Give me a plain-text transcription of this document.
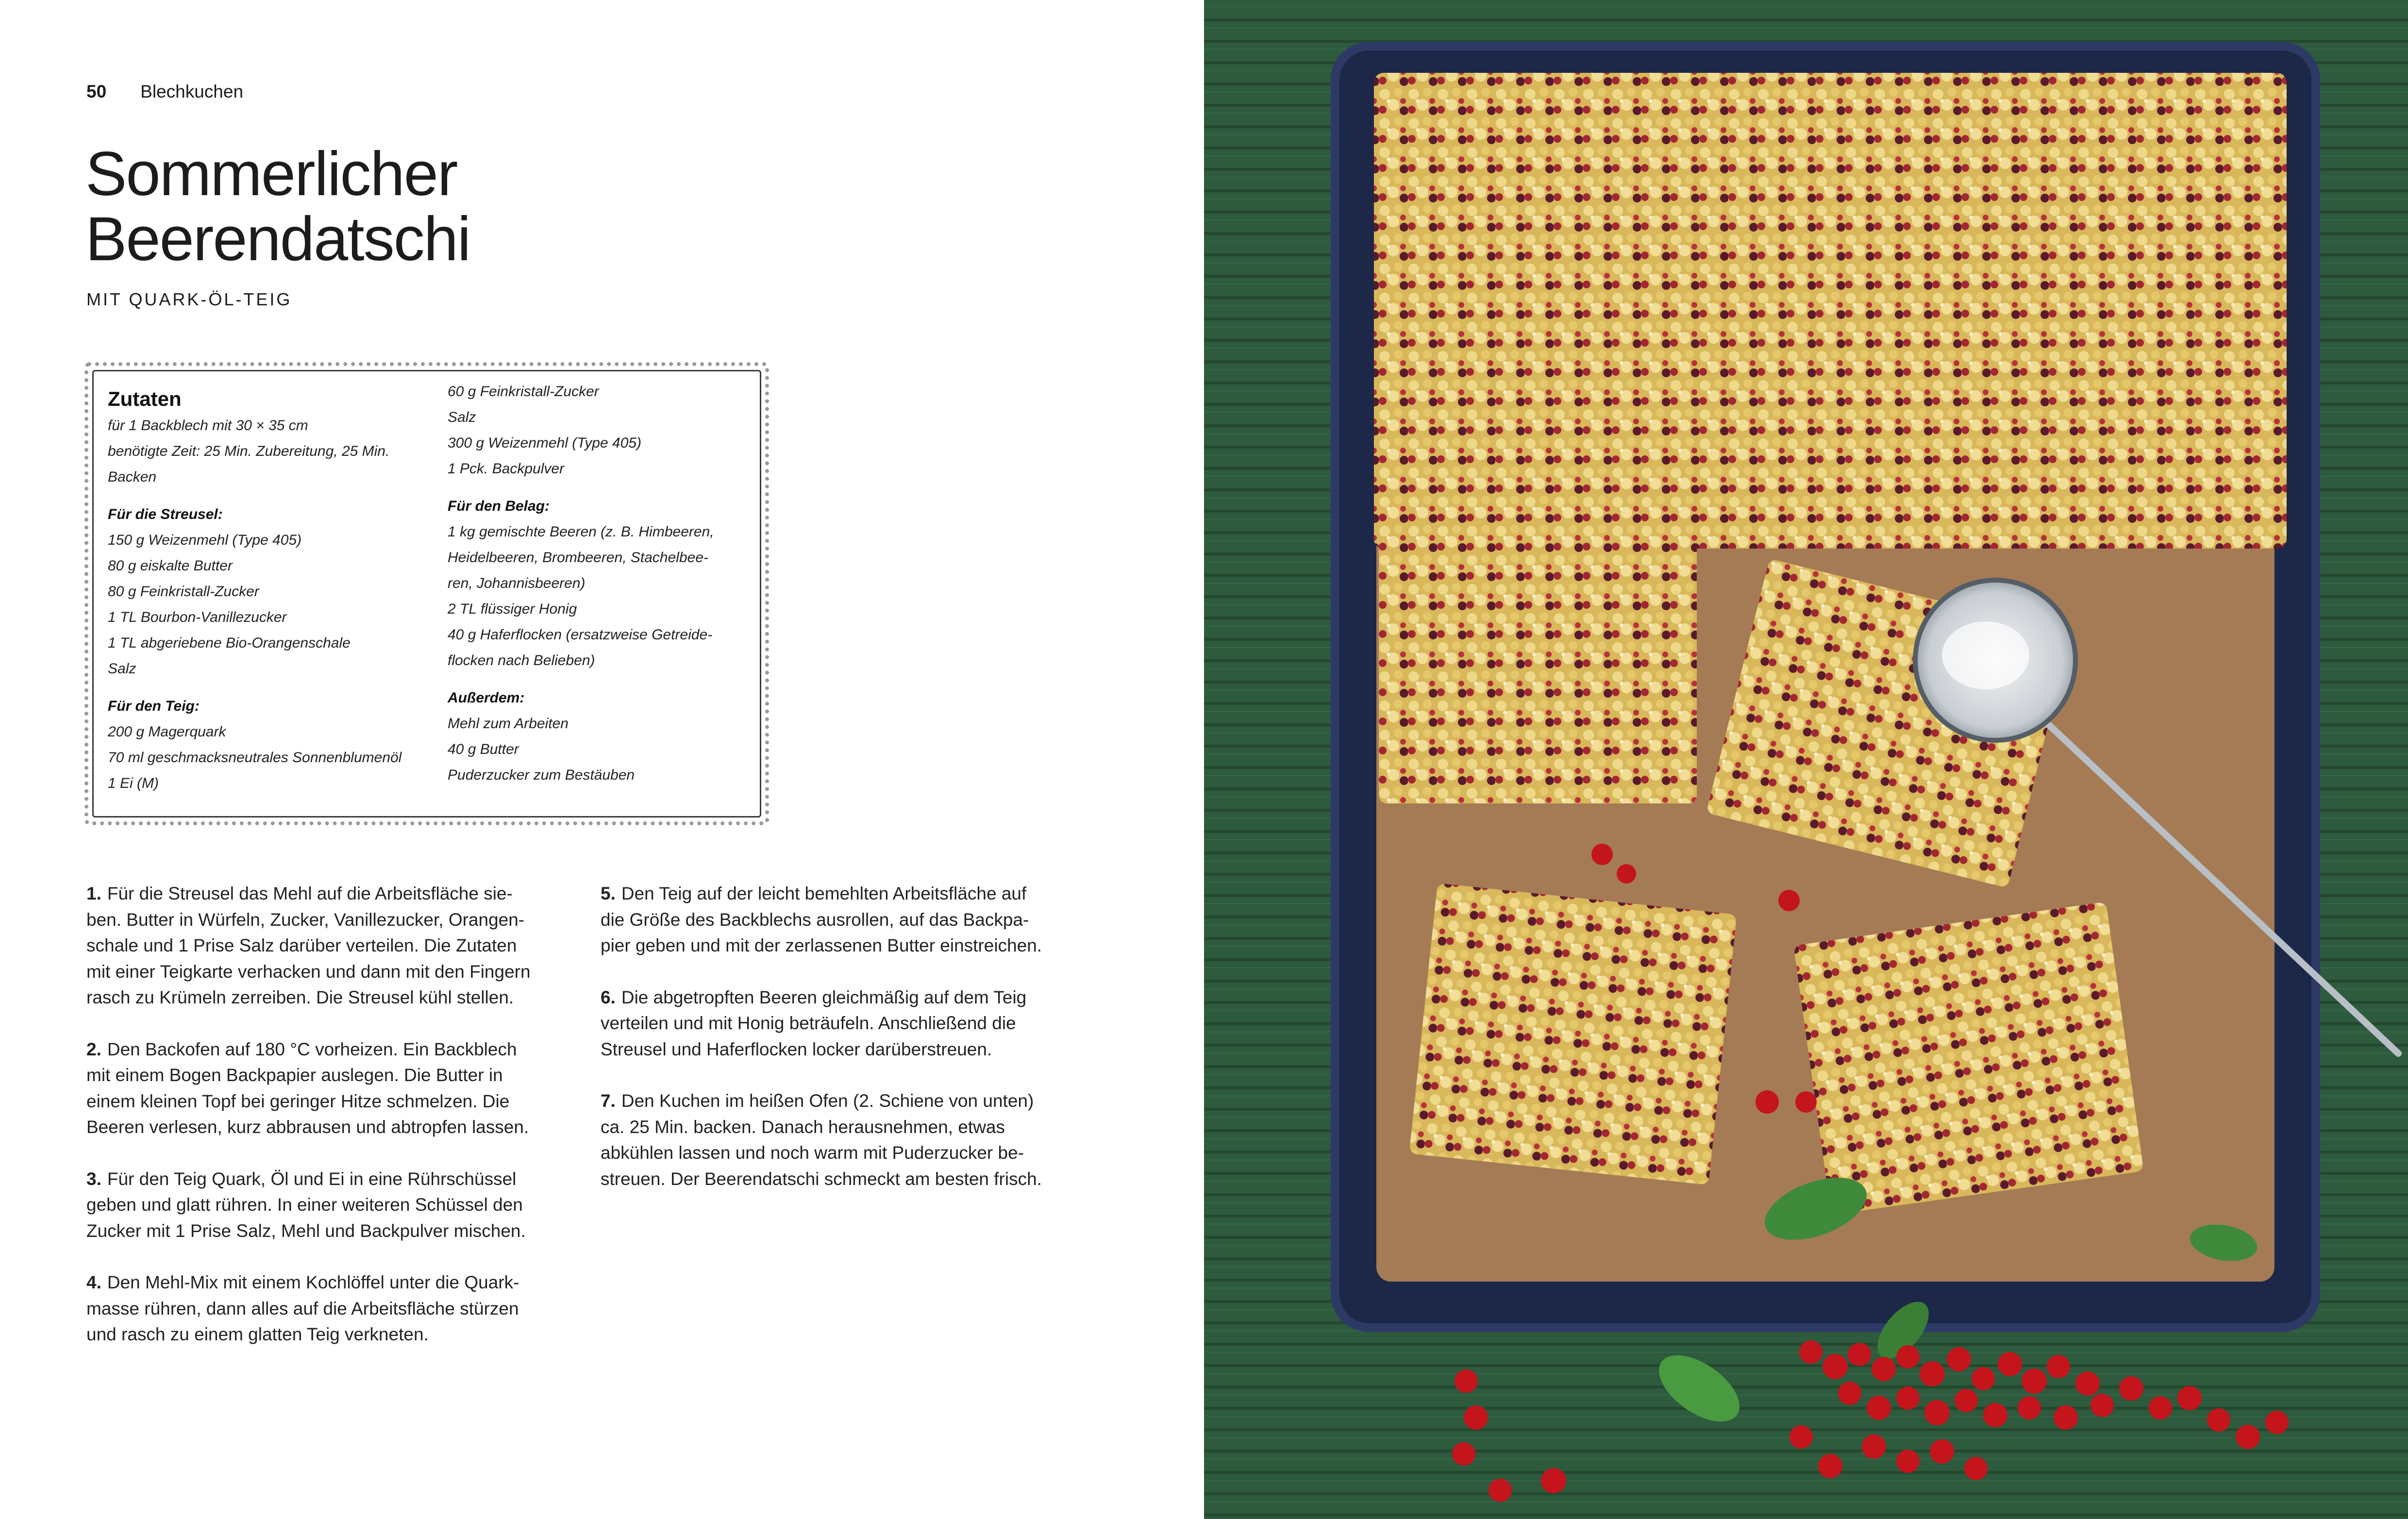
50 Blechkuchen
Sommerlicher
Beerendatschi
MIT QUARK-ÖL-TEIG
Zutaten
für 1 Backblech mit 30 × 35 cm
benötigte Zeit: 25 Min. Zubereitung, 25 Min.
Backen
Für die Streusel:
150 g Weizenmehl (Type 405)
80 g eiskalte Butter
80 g Feinkristall-Zucker
1 TL Bourbon-Vanillezucker
1 TL abgeriebene Bio-Orangenschale
Salz
Für den Teig:
200 g Magerquark
70 ml geschmacksneutrales Sonnenblumenöl
1 Ei (M)
60 g Feinkristall-Zucker
Salz
300 g Weizenmehl (Type 405)
1 Pck. Backpulver
Für den Belag:
1 kg gemischte Beeren (z. B. Himbeeren,
Heidelbeeren, Brombeeren, Stachelbee-
ren, Johannisbeeren)
2 TL flüssiger Honig
40 g Haferflocken (ersatzweise Getreide-
flocken nach Belieben)
Außerdem:
Mehl zum Arbeiten
40 g Butter
Puderzucker zum Bestäuben
1. Für die Streusel das Mehl auf die Arbeitsfläche sie-
ben. Butter in Würfeln, Zucker, Vanillezucker, Orangen-
schale und 1 Prise Salz darüber verteilen. Die Zutaten
mit einer Teigkarte verhacken und dann mit den Fingern
rasch zu Krümeln zerreiben. Die Streusel kühl stellen.
2. Den Backofen auf 180 °C vorheizen. Ein Backblech
mit einem Bogen Backpapier auslegen. Die Butter in
einem kleinen Topf bei geringer Hitze schmelzen. Die
Beeren verlesen, kurz abbrausen und abtropfen lassen.
3. Für den Teig Quark, Öl und Ei in eine Rührschüssel
geben und glatt rühren. In einer weiteren Schüssel den
Zucker mit 1 Prise Salz, Mehl und Backpulver mischen.
4. Den Mehl-Mix mit einem Kochlöffel unter die Quark-
masse rühren, dann alles auf die Arbeitsfläche stürzen
und rasch zu einem glatten Teig verkneten.
5. Den Teig auf der leicht bemehlten Arbeitsfläche auf
die Größe des Backblechs ausrollen, auf das Backpa-
pier geben und mit der zerlassenen Butter einstreichen.
6. Die abgetropften Beeren gleichmäßig auf dem Teig
verteilen und mit Honig beträufeln. Anschließend die
Streusel und Haferflocken locker darüberstreuen.
7. Den Kuchen im heißen Ofen (2. Schiene von unten)
ca. 25 Min. backen. Danach herausnehmen, etwas
abkühlen lassen und noch warm mit Puderzucker be-
streuen. Der Beerendatschi schmeckt am besten frisch.
